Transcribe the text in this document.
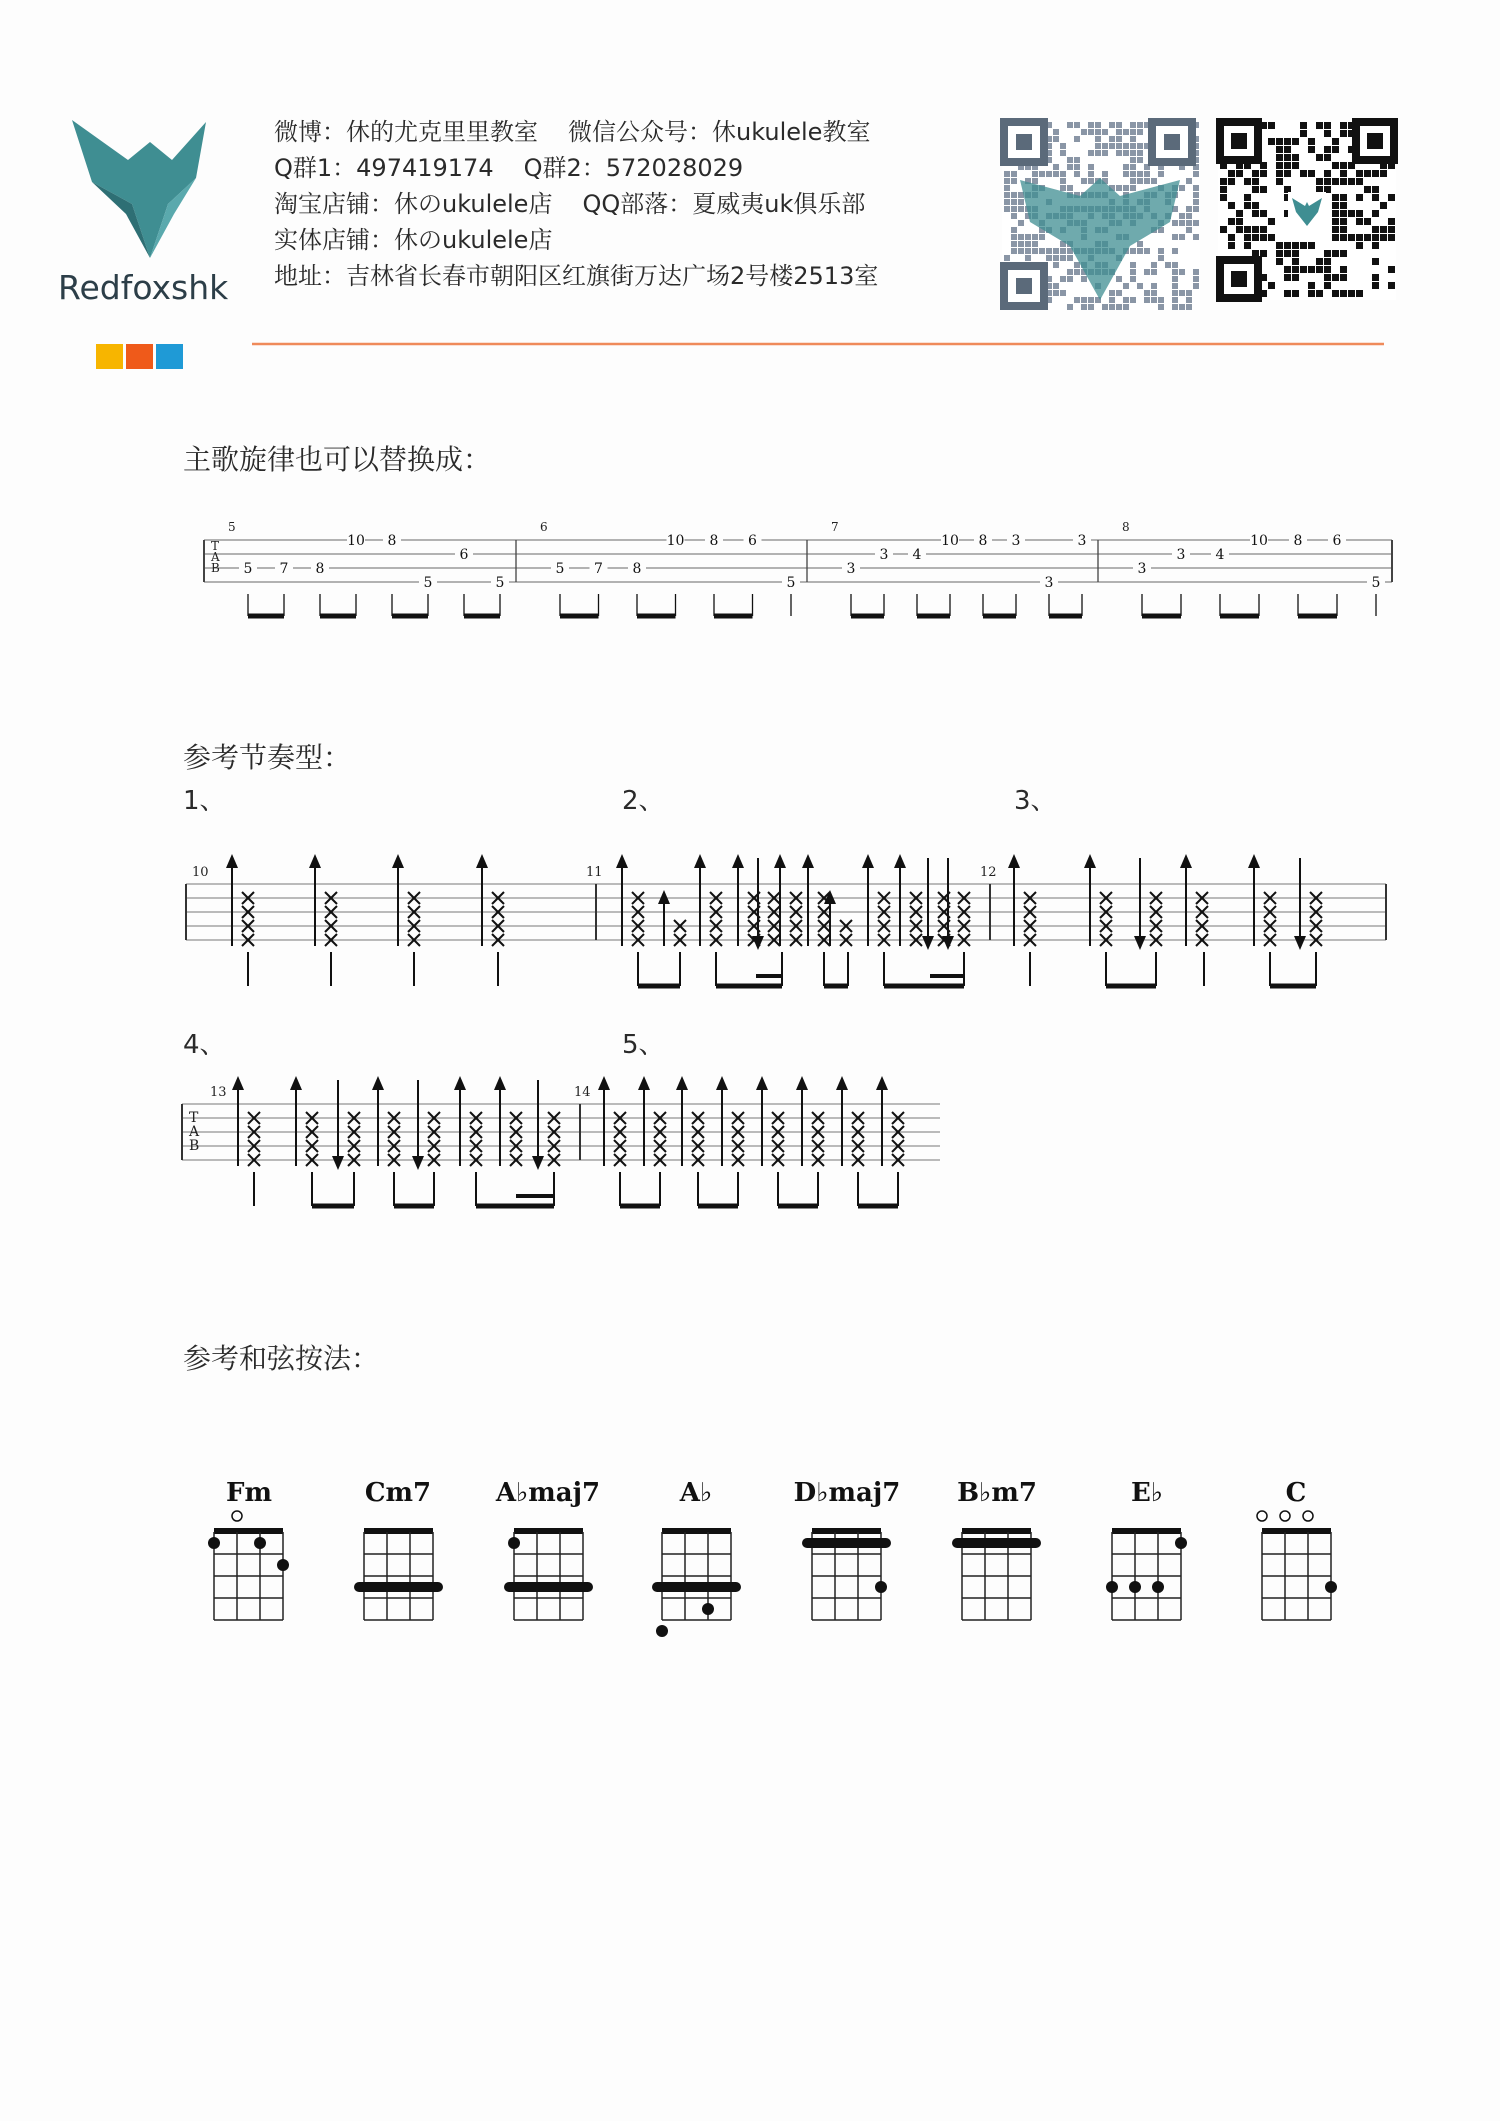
T
A
B
5
5 7 8
10 8
5
6
5
6
5 7 8
10 8 6
5
7
3
3 4
10 8 3
3
3
8
3
3 4
10 8 6
5
10	11	12
T
A
B
13	14
Redfoxshk
微博：休的尤克里里教室 微信公众号：休ukulele教室
Q群1：497419174 Q群2：572028029
淘宝店铺：休のukulele店 QQ部落：夏威夷uk俱乐部
实体店铺：休のukulele店
地址：吉林省长春市朝阳区红旗街万达广场2号楼2513室
主歌旋律也可以替换成：
参考节奏型：
1、	2、	3、
4、	5、
参考和弦按法：
Fm	Cm7	A♭maj7	A♭	D♭maj7	B♭m7	E♭	C
